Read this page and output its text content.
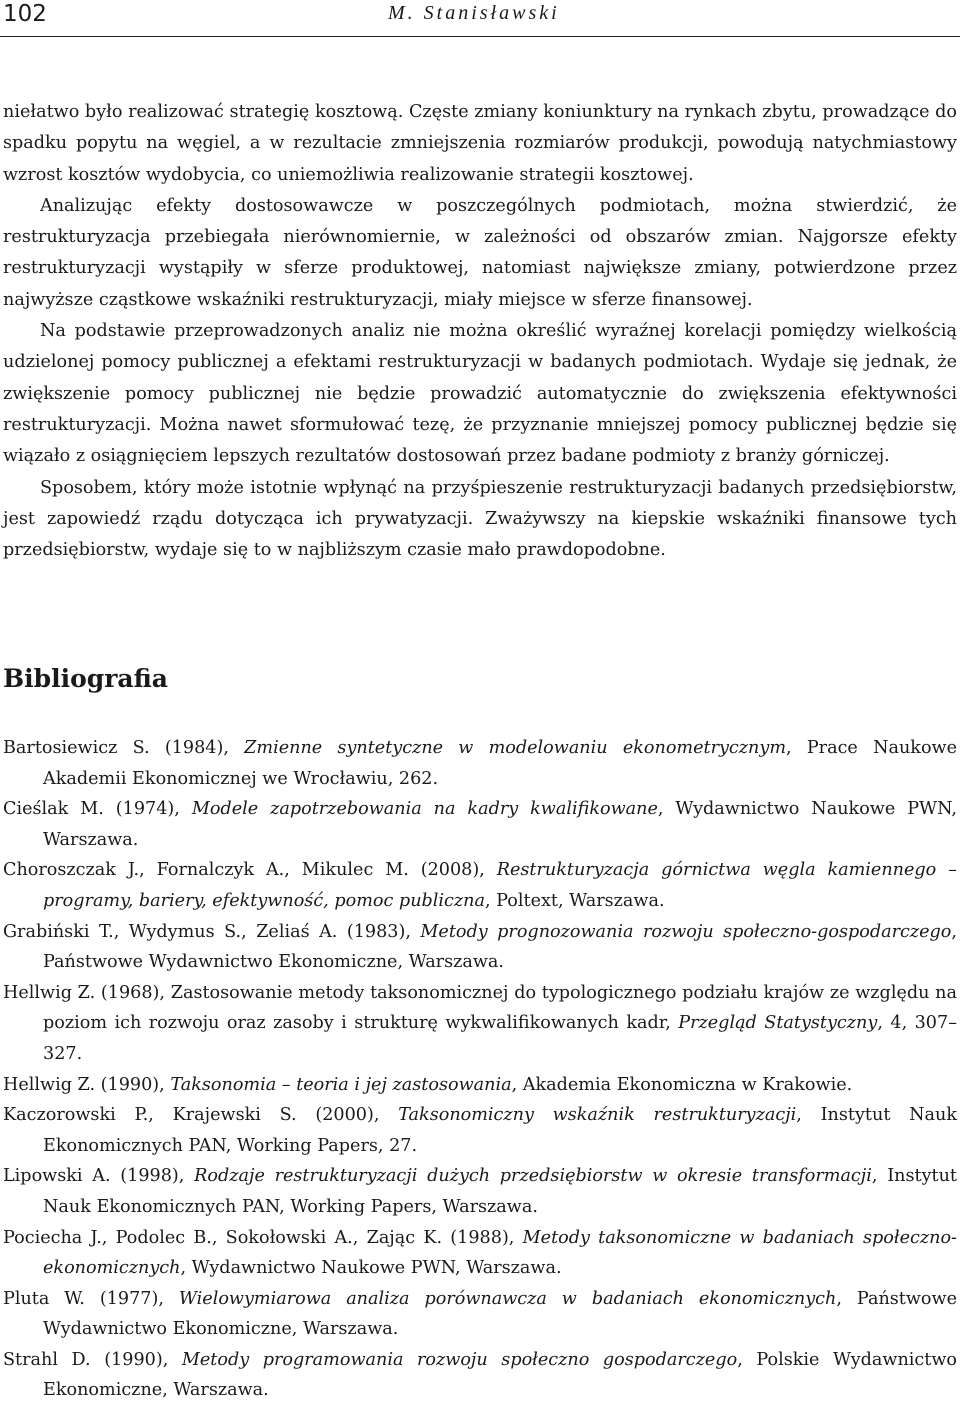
102	M. Stanisławski

niełatwo było realizować strategię kosztową. Częste zmiany koniunktury na rynkach zbytu, prowadzące do spadku popytu na węgiel, a w rezultacie zmniejszenia rozmiarów produkcji, powodują natychmiastowy wzrost kosztów wydobycia, co uniemożliwia realizowanie strategii kosztowej.

Analizując efekty dostosowawcze w poszczególnych podmiotach, można stwierdzić, że restrukturyzacja przebiegała nierównomiernie, w zależności od obszarów zmian. Najgorsze efekty restrukturyzacji wystąpiły w sferze produktowej, natomiast największe zmiany, potwierdzone przez najwyższe cząstkowe wskaźniki restrukturyzacji, miały miejsce w sferze finansowej.

Na podstawie przeprowadzonych analiz nie można określić wyraźnej korelacji pomiędzy wielkością udzielonej pomocy publicznej a efektami restrukturyzacji w badanych podmiotach. Wydaje się jednak, że zwiększenie pomocy publicznej nie będzie prowadzić automatycznie do zwiększenia efektywności restrukturyzacji. Można nawet sformułować tezę, że przyznanie mniejszej pomocy publicznej będzie się wiązało z osiągnięciem lepszych rezultatów dostosowań przez badane podmioty z branży górniczej.

Sposobem, który może istotnie wpłynąć na przyśpieszenie restrukturyzacji badanych przedsiębiorstw, jest zapowiedź rządu dotycząca ich prywatyzacji. Zważywszy na kiepskie wskaźniki finansowe tych przedsiębiorstw, wydaje się to w najbliższym czasie mało prawdopodobne.

Bibliografia

Bartosiewicz S. (1984), Zmienne syntetyczne w modelowaniu ekonometrycznym, Prace Naukowe Akademii Ekonomicznej we Wrocławiu, 262.

Cieślak M. (1974), Modele zapotrzebowania na kadry kwalifikowane, Wydawnictwo Naukowe PWN, Warszawa.

Choroszczak J., Fornalczyk A., Mikulec M. (2008), Restrukturyzacja górnictwa węgla kamiennego – programy, bariery, efektywność, pomoc publiczna, Poltext, Warszawa.

Grabiński T., Wydymus S., Zeliaś A. (1983), Metody prognozowania rozwoju społeczno-gospodarczego, Państwowe Wydawnictwo Ekonomiczne, Warszawa.

Hellwig Z. (1968), Zastosowanie metody taksonomicznej do typologicznego podziału krajów ze względu na poziom ich rozwoju oraz zasoby i strukturę wykwalifikowanych kadr, Przegląd Statystyczny, 4, 307–327.

Hellwig Z. (1990), Taksonomia – teoria i jej zastosowania, Akademia Ekonomiczna w Krakowie.

Kaczorowski P., Krajewski S. (2000), Taksonomiczny wskaźnik restrukturyzacji, Instytut Nauk Ekonomicznych PAN, Working Papers, 27.

Lipowski A. (1998), Rodzaje restrukturyzacji dużych przedsiębiorstw w okresie transformacji, Instytut Nauk Ekonomicznych PAN, Working Papers, Warszawa.

Pociecha J., Podolec B., Sokołowski A., Zając K. (1988), Metody taksonomiczne w badaniach społeczno-ekonomicznych, Wydawnictwo Naukowe PWN, Warszawa.

Pluta W. (1977), Wielowymiarowa analiza porównawcza w badaniach ekonomicznych, Państwowe Wydawnictwo Ekonomiczne, Warszawa.

Strahl D. (1990), Metody programowania rozwoju społeczno gospodarczego, Polskie Wydawnictwo Ekonomiczne, Warszawa.
